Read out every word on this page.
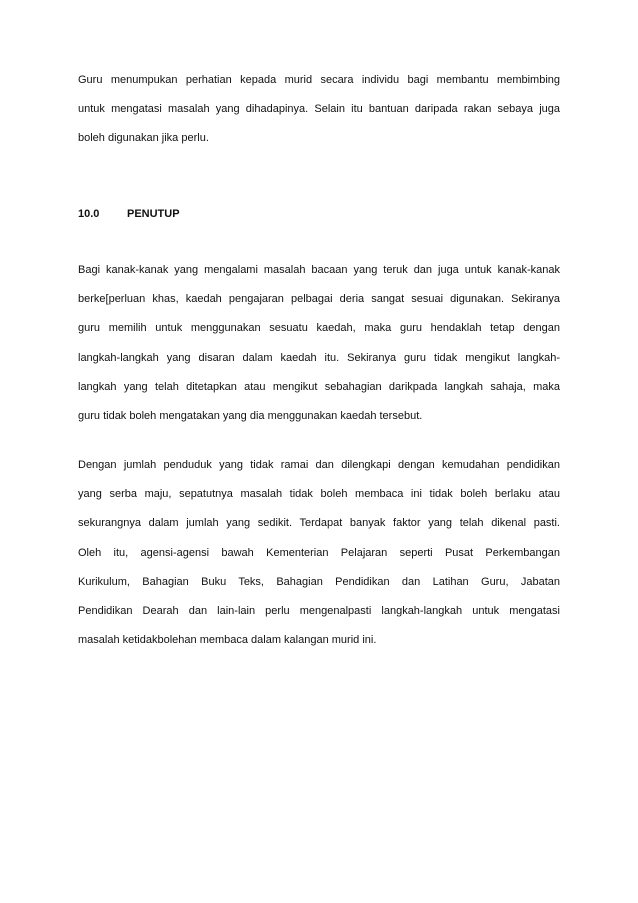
Guru menumpukan perhatian kepada murid secara individu bagi membantu membimbing
untuk mengatasi masalah yang dihadapinya. Selain itu bantuan daripada rakan sebaya juga
boleh digunakan jika perlu.

10.0	PENUTUP

Bagi kanak-kanak yang mengalami masalah bacaan yang teruk dan juga untuk kanak-kanak
berke[perluan khas, kaedah pengajaran pelbagai deria sangat sesuai digunakan. Sekiranya
guru memilih untuk menggunakan sesuatu kaedah, maka guru hendaklah tetap dengan
langkah-langkah yang disaran dalam kaedah itu. Sekiranya guru tidak mengikut langkah-
langkah yang telah ditetapkan atau mengikut sebahagian darikpada langkah sahaja, maka
guru tidak boleh mengatakan yang dia menggunakan kaedah tersebut.

Dengan jumlah penduduk yang tidak ramai dan dilengkapi dengan kemudahan pendidikan
yang serba maju, sepatutnya masalah tidak boleh membaca ini tidak boleh berlaku atau
sekurangnya dalam jumlah yang sedikit. Terdapat banyak faktor yang telah dikenal pasti.
Oleh itu, agensi-agensi bawah Kementerian Pelajaran seperti Pusat Perkembangan
Kurikulum, Bahagian Buku Teks, Bahagian Pendidikan dan Latihan Guru, Jabatan
Pendidikan Dearah dan lain-lain perlu mengenalpasti langkah-langkah untuk mengatasi
masalah ketidakbolehan membaca dalam kalangan murid ini.
